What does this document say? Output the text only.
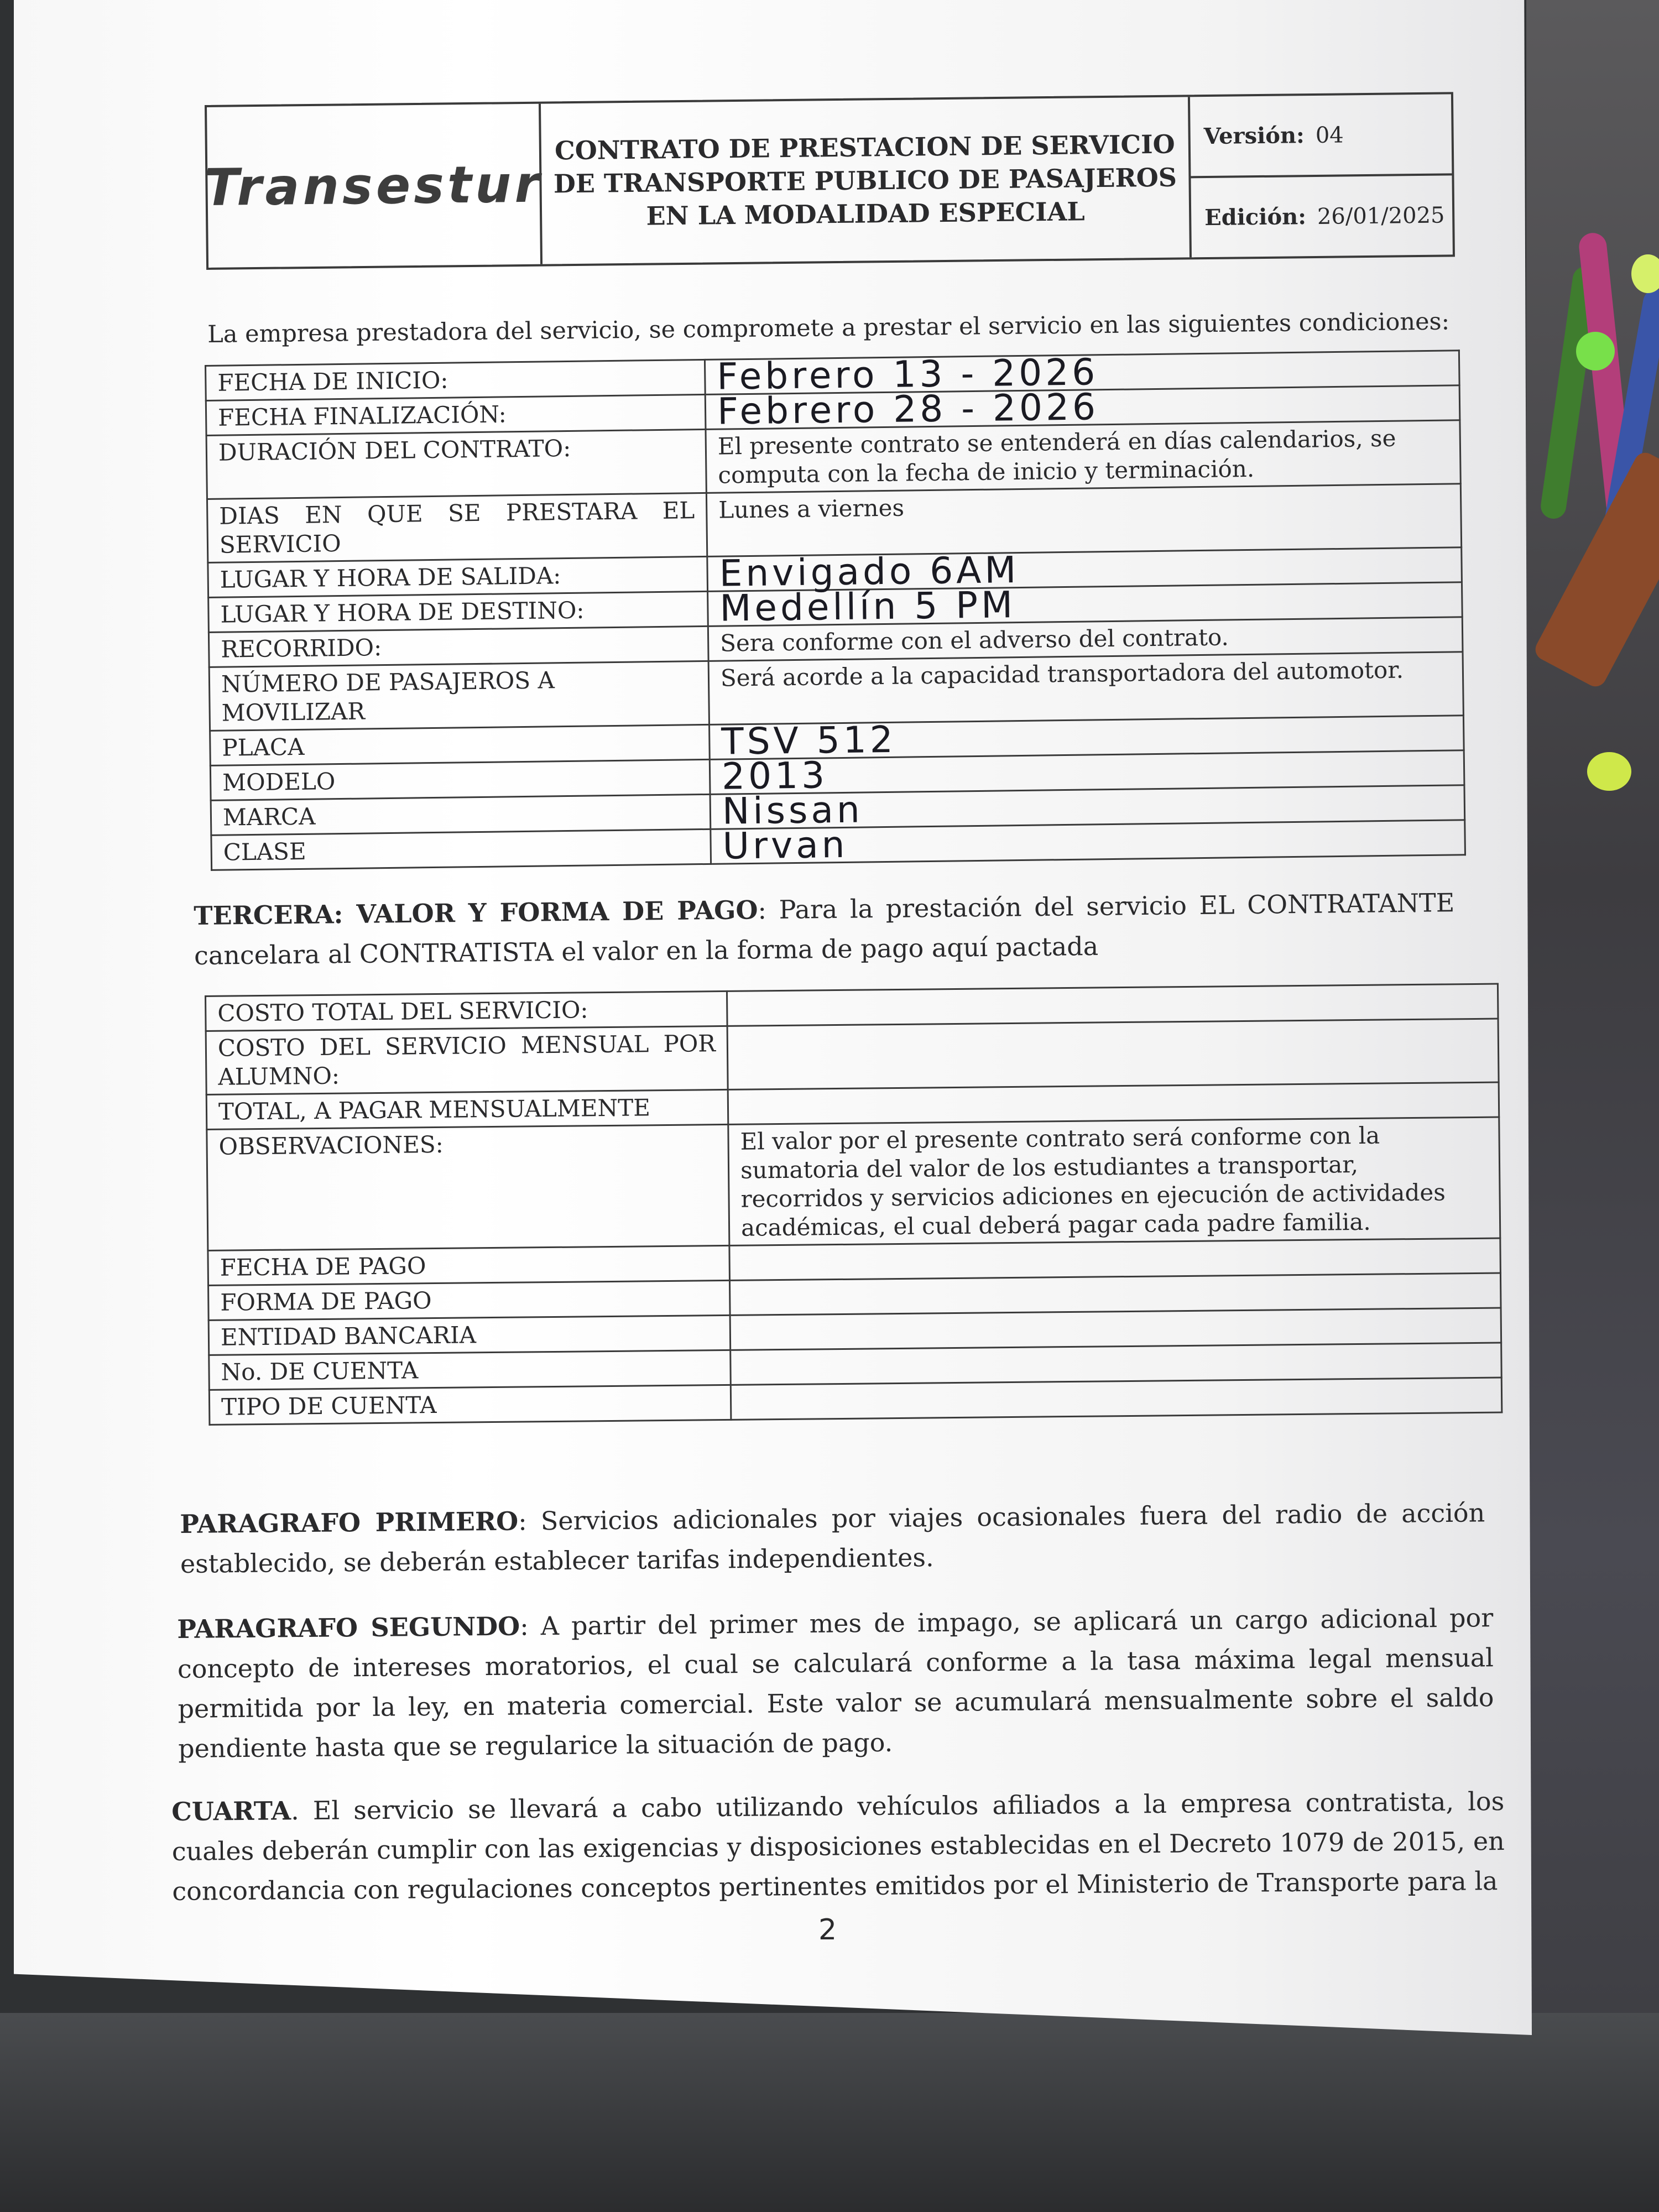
Transestur
CONTRATO DE PRESTACION DE SERVICIO
DE TRANSPORTE PUBLICO DE PASAJEROS
EN LA MODALIDAD ESPECIAL
Versión: 04
Edición: 26/01/2025
La empresa prestadora del servicio, se compromete a prestar el servicio en las siguientes condiciones:
FECHA DE INICIO:	Febrero 13 - 2026
FECHA FINALIZACIÓN:	Febrero 28 - 2026
DURACIÓN DEL CONTRATO:	El presente contrato se entenderá en días calendarios, se computa con la fecha de inicio y terminación.
DIAS EN QUE SE PRESTARA EL SERVICIO	Lunes a viernes
LUGAR Y HORA DE SALIDA:	Envigado 6AM
LUGAR Y HORA DE DESTINO:	Medellín 5 PM
RECORRIDO:	Sera conforme con el adverso del contrato.
NÚMERO DE PASAJEROS A MOVILIZAR	Será acorde a la capacidad transportadora del automotor.
PLACA	TSV 512
MODELO	2013
MARCA	Nissan
CLASE	Urvan
TERCERA: VALOR Y FORMA DE PAGO: Para la prestación del servicio EL CONTRATANTE cancelara al CONTRATISTA el valor en la forma de pago aquí pactada
COSTO TOTAL DEL SERVICIO:	
COSTO DEL SERVICIO MENSUAL POR ALUMNO:	
TOTAL, A PAGAR MENSUALMENTE	
OBSERVACIONES:	El valor por el presente contrato será conforme con la sumatoria del valor de los estudiantes a transportar, recorridos y servicios adiciones en ejecución de actividades académicas, el cual deberá pagar cada padre familia.
FECHA DE PAGO	
FORMA DE PAGO	
ENTIDAD BANCARIA	
No. DE CUENTA	
TIPO DE CUENTA	
PARAGRAFO PRIMERO: Servicios adicionales por viajes ocasionales fuera del radio de acción establecido, se deberán establecer tarifas independientes.
PARAGRAFO SEGUNDO: A partir del primer mes de impago, se aplicará un cargo adicional por concepto de intereses moratorios, el cual se calculará conforme a la tasa máxima legal mensual permitida por la ley, en materia comercial. Este valor se acumulará mensualmente sobre el saldo pendiente hasta que se regularice la situación de pago.
CUARTA. El servicio se llevará a cabo utilizando vehículos afiliados a la empresa contratista, los cuales deberán cumplir con las exigencias y disposiciones establecidas en el Decreto 1079 de 2015, en concordancia con regulaciones conceptos pertinentes emitidos por el Ministerio de Transporte para la
2
